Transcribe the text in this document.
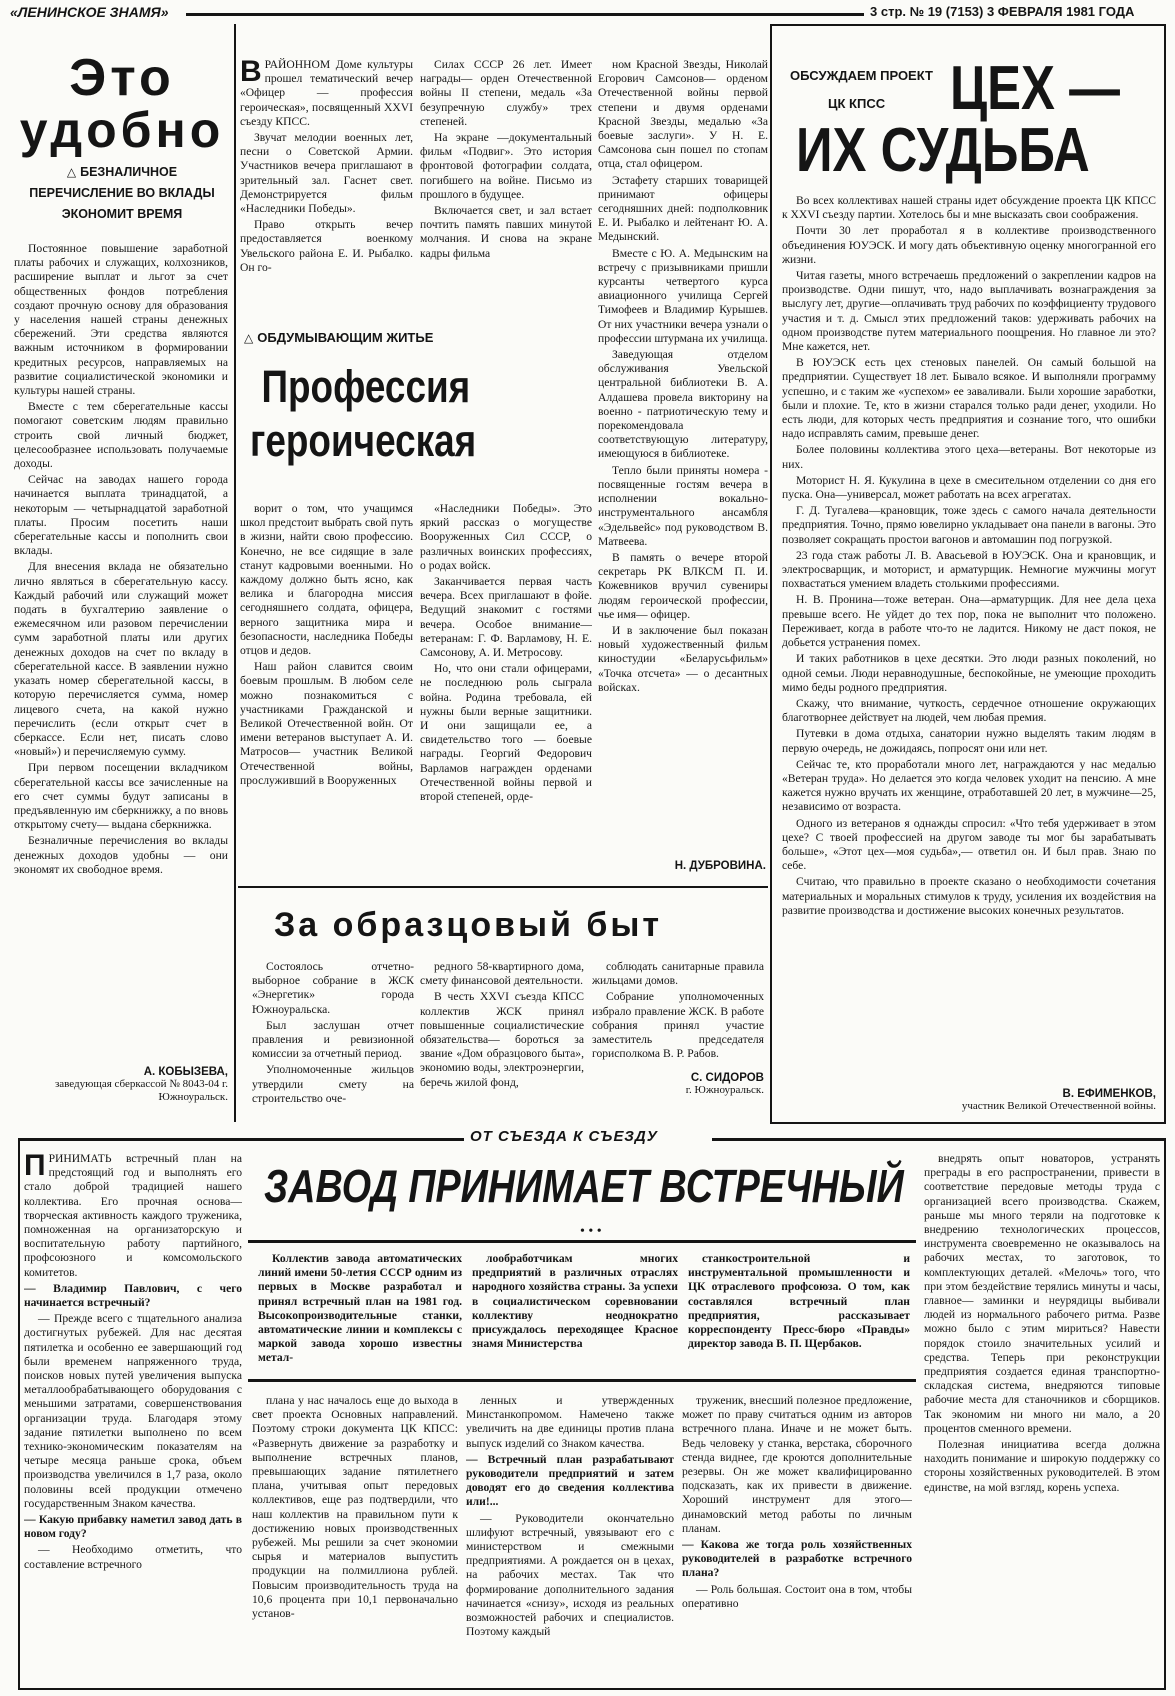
«ЛЕНИНСКОЕ ЗНАМЯ»	3 стр. № 19 (7153) 3 ФЕВРАЛЯ 1981 ГОДА
Это
удобно
△ БЕЗНАЛИЧНОЕ ПЕРЕЧИСЛЕНИЕ ВО ВКЛАДЫ ЭКОНОМИТ ВРЕМЯ

Постоянное повышение заработной платы рабочих и служащих, колхозников, расширение выплат и льгот за счет общественных фондов потребления создают прочную основу для образования у населения нашей страны денежных сбережений. Эти средства являются важным источником в формировании кредитных ресурсов, направляемых на развитие социалистической экономики и культуры нашей страны.

Вместе с тем сберегательные кассы помогают советским людям правильно строить свой личный бюджет, целесообразнее использовать получаемые доходы.

Сейчас на заводах нашего города начинается выплата тринадцатой, а некоторым — четырнадцатой заработной платы. Просим посетить наши сберегательные кассы и пополнить свои вклады.

Для внесения вклада не обязательно лично являться в сберегательную кассу. Каждый рабочий или служащий может подать в бухгалтерию заявление о ежемесячном или разовом перечислении сумм заработной платы или других денежных доходов на счет по вкладу в сберегательной кассе. В заявлении нужно указать номер сберегательной кассы, в которую перечисляется сумма, номер лицевого счета, на какой нужно перечислить (если открыт счет в сберкассе. Если нет, писать слово «новый») и перечисляемую сумму.

При первом посещении вкладчиком сберегательной кассы все зачисленные на его счет суммы будут записаны в предъявленную им сберкнижку, а по вновь открытому счету— выдана сберкнижка.

Безналичные перечисления во вклады денежных доходов удобны — они экономят их свободное время.

А. КОБЫЗЕВА,
заведующая сберкассой № 8043-04 г. Южноуральск.
В РАЙОННОМ Доме культуры прошел тематический вечер «Офицер — профессия героическая», посвященный XXVI съезду КПСС.

Звучат мелодии военных лет, песни о Советской Армии. Участников вечера приглашают в зрительный зал. Гаснет свет. Демонстрируется фильм «Наследники Победы».

Право открыть вечер предоставляется военкому Увельского района Е. И. Рыбалко. Он го-

Силах СССР 26 лет. Имеет награды— орден Отечественной войны II степени, медаль «За безупречную службу» трех степеней.

На экране —документальный фильм «Подвиг». Это история фронтовой фотографии солдата, погибшего на войне. Письмо из прошлого в будущее.

Включается свет, и зал встает почтить память павших минутой молчания. И снова на экране кадры фильма

ном Красной Звезды, Николай Егорович Самсонов— орденом Отечественной войны первой степени и двумя орденами Красной Звезды, медалью «За боевые заслуги». У Н. Е. Самсонова сын пошел по стопам отца, стал офицером.

Эстафету старших товарищей принимают офицеры сегодняшних дней: подполковник Е. И. Рыбалко и лейтенант Ю. А. Медынский.

Вместе с Ю. А. Медынским на встречу с призывниками пришли курсанты четвертого курса авиационного училища Сергей Тимофеев и Владимир Курышев. От них участники вечера узнали о профессии штурмана их училища.

Заведующая отделом обслуживания Увельской центральной библиотеки В. А. Алдашева провела викторину на военно - патриотическую тему и порекомендовала соответствующую литературу, имеющуюся в библиотеке.

Тепло были приняты номера - посвященные гостям вечера в исполнении вокально-инструментального ансамбля «Эдельвейс» под руководством В. Матвеева.

В память о вечере второй секретарь РК ВЛКСМ П. И. Кожевников вручил сувениры людям героической профессии, чье имя— офицер.

И в заключение был показан новый художественный фильм киностудии «Беларусьфильм» «Точка отсчета» — о десантных войсках.

△ ОБДУМЫВАЮЩИМ ЖИТЬЕ
Профессия
героическая

ворит о том, что учащимся школ предстоит выбрать свой путь в жизни, найти свою профессию. Конечно, не все сидящие в зале станут кадровыми военными. Но каждому должно быть ясно, как велика и благородна миссия сегодняшнего солдата, офицера, верного защитника мира и безопасности, наследника Победы отцов и дедов.

Наш район славится своим боевым прошлым. В любом селе можно познакомиться с участниками Гражданской и Великой Отечественной войн. От имени ветеранов выступает А. И. Матросов— участник Великой Отечественной войны, прослуживший в Вооруженных

«Наследники Победы». Это яркий рассказ о могуществе Вооруженных Сил СССР, о различных воинских профессиях, о родах войск.

Заканчивается первая часть вечера. Всех приглашают в фойе. Ведущий знакомит с гостями вечера. Особое внимание—ветеранам: Г. Ф. Варламову, Н. Е. Самсонову, А. И. Метросову.

Но, что они стали офицерами, не последнюю роль сыграла война. Родина требовала, ей нужны были верные защитники. И они защищали ее, а свидетельство того — боевые награды. Георгий Федорович Варламов награжден орденами Отечественной войны первой и второй степеней, орде-

Н. ДУБРОВИНА.
За образцовый быт

Состоялось отчетно-выборное собрание в ЖСК «Энергетик» города Южноуральска.

Был заслушан отчет правления и ревизионной комиссии за отчетный период.

Уполномоченные жильцов утвердили смету на строительство оче-

редного 58-квартирного дома, смету финансовой деятельности.

В честь XXVI съезда КПСС коллектив ЖСК принял повышенные социалистические обязательства— бороться за звание «Дом образцового быта», экономию воды, электроэнергии, беречь жилой фонд,

соблюдать санитарные правила жильцами домов.

Собрание уполномоченных избрало правление ЖСК. В работе собрания принял участие заместитель председателя горисполкома В. Р. Рабов.

С. СИДОРОВ
г. Южноуральск.
ОБСУЖДАЕМ ПРОЕКТ
ЦК КПСС ЦЕХ —
ИХ СУДЬБА

Во всех коллективах нашей страны идет обсуждение проекта ЦК КПСС к XXVI съезду партии. Хотелось бы и мне высказать свои соображения.

Почти 30 лет проработал я в коллективе производственного объединения ЮУЭСК. И могу дать объективную оценку многогранной его жизни.

Читая газеты, много встречаешь предложений о закреплении кадров на производстве. Одни пишут, что, надо выплачивать вознаграждения за выслугу лет, другие—оплачивать труд рабочих по коэффициенту трудового участия и т. д. Смысл этих предложений таков: удерживать рабочих на одном производстве путем материального поощрения. Но главное ли это? Мне кажется, нет.

В ЮУЭСК есть цех стеновых панелей. Он самый большой на предприятии. Существует 18 лет. Бывало всякое. И выполняли программу успешно, и с таким же «успехом» ее заваливали. Были хорошие заработки, были и плохие. Те, кто в жизни старался только ради денег, уходили. Но есть люди, для которых честь предприятия и сознание того, что ошибки надо исправлять самим, превыше денег.

Более половины коллектива этого цеха—ветераны. Вот некоторые из них.

Моторист Н. Я. Кукулина в цехе в смесительном отделении со дня его пуска. Она—универсал, может работать на всех агрегатах.

Г. Д. Тугалева—крановщик, тоже здесь с самого начала деятельности предприятия. Точно, прямо ювелирно укладывает она панели в вагоны. Это позволяет сокращать простои вагонов и автомашин под погрузкой.

23 года стаж работы Л. В. Авасьевой в ЮУЭСК. Она и крановщик, и электросварщик, и моторист, и арматурщик. Немногие мужчины могут похвастаться умением владеть столькими профессиями.

Н. В. Пронина—тоже ветеран. Она—арматурщик. Для нее дела цеха превыше всего. Не уйдет до тех пор, пока не выполнит что положено. Переживает, когда в работе что-то не ладится. Никому не даст покоя, не добьется устранения помех.

И таких работников в цехе десятки. Это люди разных поколений, но одной семьи. Люди неравнодушные, беспокойные, не умеющие проходить мимо беды родного предприятия.

Скажу, что внимание, чуткость, сердечное отношение окружающих благотворнее действует на людей, чем любая премия.

Путевки в дома отдыха, санатории нужно выделять таким людям в первую очередь, не дожидаясь, попросят они или нет.

Сейчас те, кто проработали много лет, награждаются у нас медалью «Ветеран труда». Но делается это когда человек уходит на пенсию. А мне кажется нужно вручать их женщине, отработавшей 20 лет, в мужчине—25, независимо от возраста.

Одного из ветеранов я однажды спросил: «Что тебя удерживает в этом цехе? С твоей профессией на другом заводе ты мог бы зарабатывать больше», «Этот цех—моя судьба»,— ответил он. И был прав. Знаю по себе.

Считаю, что правильно в проекте сказано о необходимости сочетания материальных и моральных стимулов к труду, усиления их воздействия на развитие производства и достижение высоких конечных результатов.

В. ЕФИМЕНКОВ,
участник Великой Отечественной войны.
ОТ СЪЕЗДА К СЪЕЗДУ
ЗАВОД ПРИНИМАЕТ ВСТРЕЧНЫЙ
• • •
П РИНИМАТЬ встречный план на предстоящий год и выполнять его стало доброй традицией нашего коллектива. Его прочная основа— творческая активность каждого труженика, помноженная на организаторскую и воспитательную работу партийного, профсоюзного и комсомольского комитетов.

— Владимир Павлович, с чего начинается встречный?

— Прежде всего с тщательного анализа достигнутых рубежей. Для нас десятая пятилетка и особенно ее завершающий год были временем напряженного труда, поисков новых путей увеличения выпуска металлообрабатывающего оборудования с меньшими затратами, совершенствования организации труда. Благодаря этому задание пятилетки выполнено по всем технико-экономическим показателям на четыре месяца раньше срока, объем производства увеличился в 1,7 раза, около половины всей продукции отмечено государственным Знаком качества.

— Какую прибавку наметил завод дать в новом году?

— Необходимо отметить, что составление встречного

Коллектив завода автоматических линий имени 50-летия СССР одним из первых в Москве разработал и принял встречный план на 1981 год. Высокопроизводительные станки, автоматические линии и комплексы с маркой завода хорошо известны метал-

лообработчикам многих предприятий в различных отраслях народного хозяйства страны. За успехи в социалистическом соревновании коллективу неоднократно присуждалось переходящее Красное знамя Министерства

станкостроительной и инструментальной промышленности и ЦК отраслевого профсоюза. О том, как составлялся встречный план предприятия, рассказывает корреспонденту Пресс-бюро «Правды» директор завода В. П. Щербаков.

плана у нас началось еще до выхода в свет проекта Основных направлений. Поэтому строки документа ЦК КПСС: «Развернуть движение за разработку и выполнение встречных планов, превышающих задание пятилетнего плана, учитывая опыт передовых коллективов, еще раз подтвердили, что наш коллектив на правильном пути к достижению новых производственных рубежей. Мы решили за счет экономии сырья и материалов выпустить продукции на полмиллиона рублей. Повысим производительность труда на 10,6 процента при 10,1 первоначально установ-

ленных и утвержденных Минстанкопромом. Намечено также увеличить на две единицы против плана выпуск изделий со Знаком качества.

— Встречный план разрабатывают руководители предприятий и затем доводят его до сведения коллектива или!...

— Руководители окончательно шлифуют встречный, увязывают его с министерством и смежными предприятиями. А рождается он в цехах, на рабочих местах. Так что формирование дополнительного задания начинается «снизу», исходя из реальных возможностей рабочих и специалистов. Поэтому каждый

труженик, внесший полезное предложение, может по праву считаться одним из авторов встречного плана. Иначе и не может быть. Ведь человеку у станка, верстака, сборочного стенда виднее, где кроются дополнительные резервы. Он же может квалифицированно подсказать, как их привести в движение. Хороший инструмент для этого— динамовский метод работы по личным планам.

— Какова же тогда роль хозяйственных руководителей в разработке встречного плана?

— Роль большая. Состоит она в том, чтобы оперативно

внедрять опыт новаторов, устранять преграды в его распространении, привести в соответствие передовые методы труда с организацией всего производства. Скажем, раньше мы много теряли на подготовке к внедрению технологических процессов, инструмента своевременно не оказывалось на рабочих местах, то заготовок, то комплектующих деталей. «Мелочь» того, что при этом бездействие терялись минуты и часы, главное— заминки и неурядицы выбивали людей из нормального рабочего ритма. Разве можно было с этим мириться? Навести порядок стоило значительных усилий и средства. Теперь при реконструкции предприятия создается единая транспортно-складская система, внедряются типовые рабочие места для станочников и сборщиков. Так экономим ни много ни мало, а 20 процентов сменного времени.

Полезная инициатива всегда должна находить понимание и широкую поддержку со стороны хозяйственных руководителей. В этом единстве, на мой взгляд, корень успеха.
